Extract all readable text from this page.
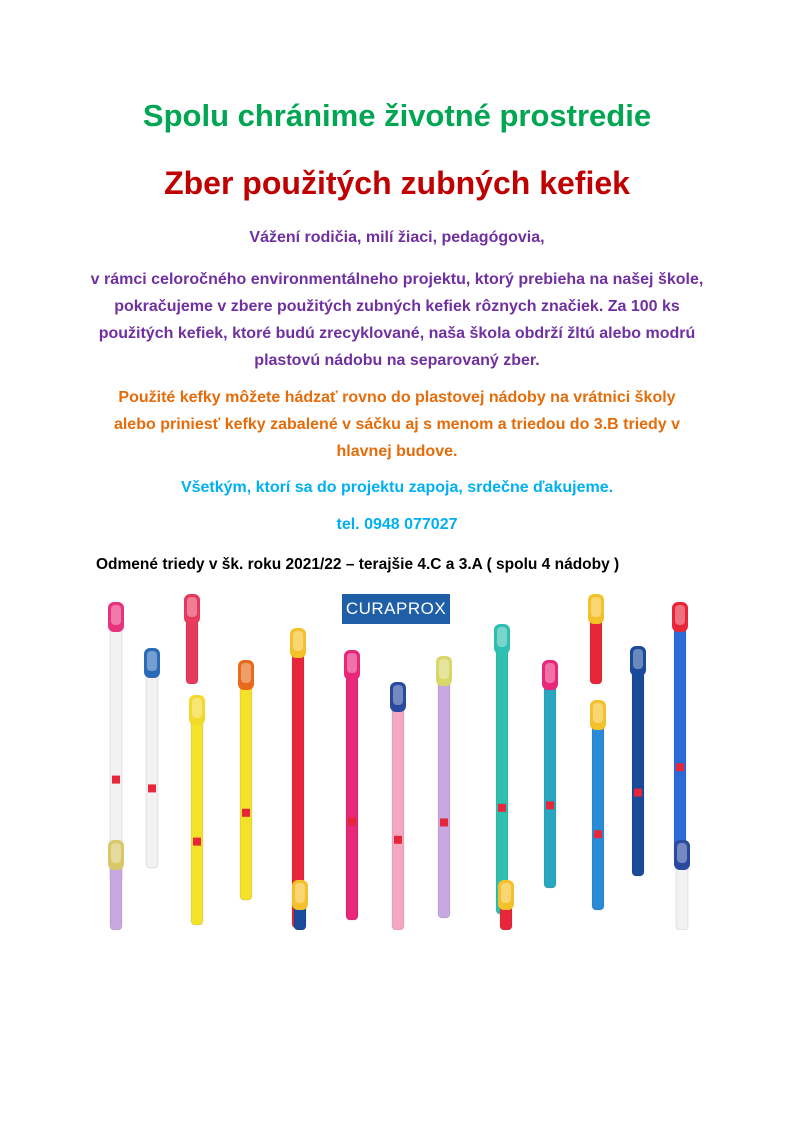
Spolu chránime životné prostredie
Zber použitých zubných kefiek
Vážení rodičia, milí žiaci, pedagógovia,
v rámci celoročného environmentálneho projektu, ktorý prebieha na našej škole, pokračujeme v zbere použitých zubných kefiek rôznych značiek. Za 100 ks použitých kefiek, ktoré budú zrecyklované, naša škola obdrží žltú alebo modrú plastovú nádobu na separovaný zber.
Použité kefky môžete hádzať rovno do plastovej nádoby na vrátnici školy alebo priniesť kefky zabalené v sáčku aj s menom a triedou do 3.B triedy v hlavnej budove.
Všetkým, ktorí sa do projektu zapoja, srdečne ďakujeme.
tel. 0948 077027
Odmené triedy v šk. roku 2021/22 – terajšie 4.C a 3.A ( spolu 4 nádoby )
CURAPROX
